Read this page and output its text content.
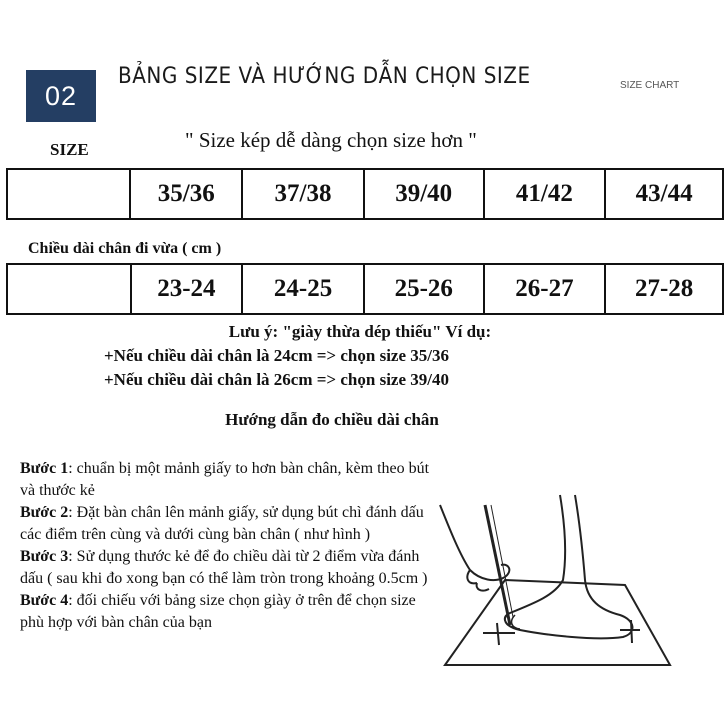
02
BẢNG SIZE VÀ HƯỚNG DẪN CHỌN SIZE	SIZE CHART
SIZE	" Size kép dễ dàng chọn size hơn "
	35/36	37/38	39/40	41/42	43/44
Chiều dài chân đi vừa ( cm )
	23-24	24-25	25-26	26-27	27-28
Lưu ý: "giày thừa dép thiếu" Ví dụ:
+Nếu chiều dài chân là 24cm => chọn size 35/36
+Nếu chiều dài chân là 26cm => chọn size 39/40
Hướng dẫn đo chiều dài chân

Bước 1: chuẩn bị một mảnh giấy to hơn bàn chân, kèm theo bút và thước kẻ

Bước 2: Đặt bàn chân lên mảnh giấy, sử dụng bút chì đánh dấu các điểm trên cùng và dưới cùng bàn chân ( như hình )

Bước 3: Sử dụng thước kẻ để đo chiều dài từ 2 điểm vừa đánh dấu ( sau khi đo xong bạn có thể làm tròn trong khoảng 0.5cm )

Bước 4: đối chiếu với bảng size chọn giày ở trên để chọn size phù hợp với bàn chân của bạn
